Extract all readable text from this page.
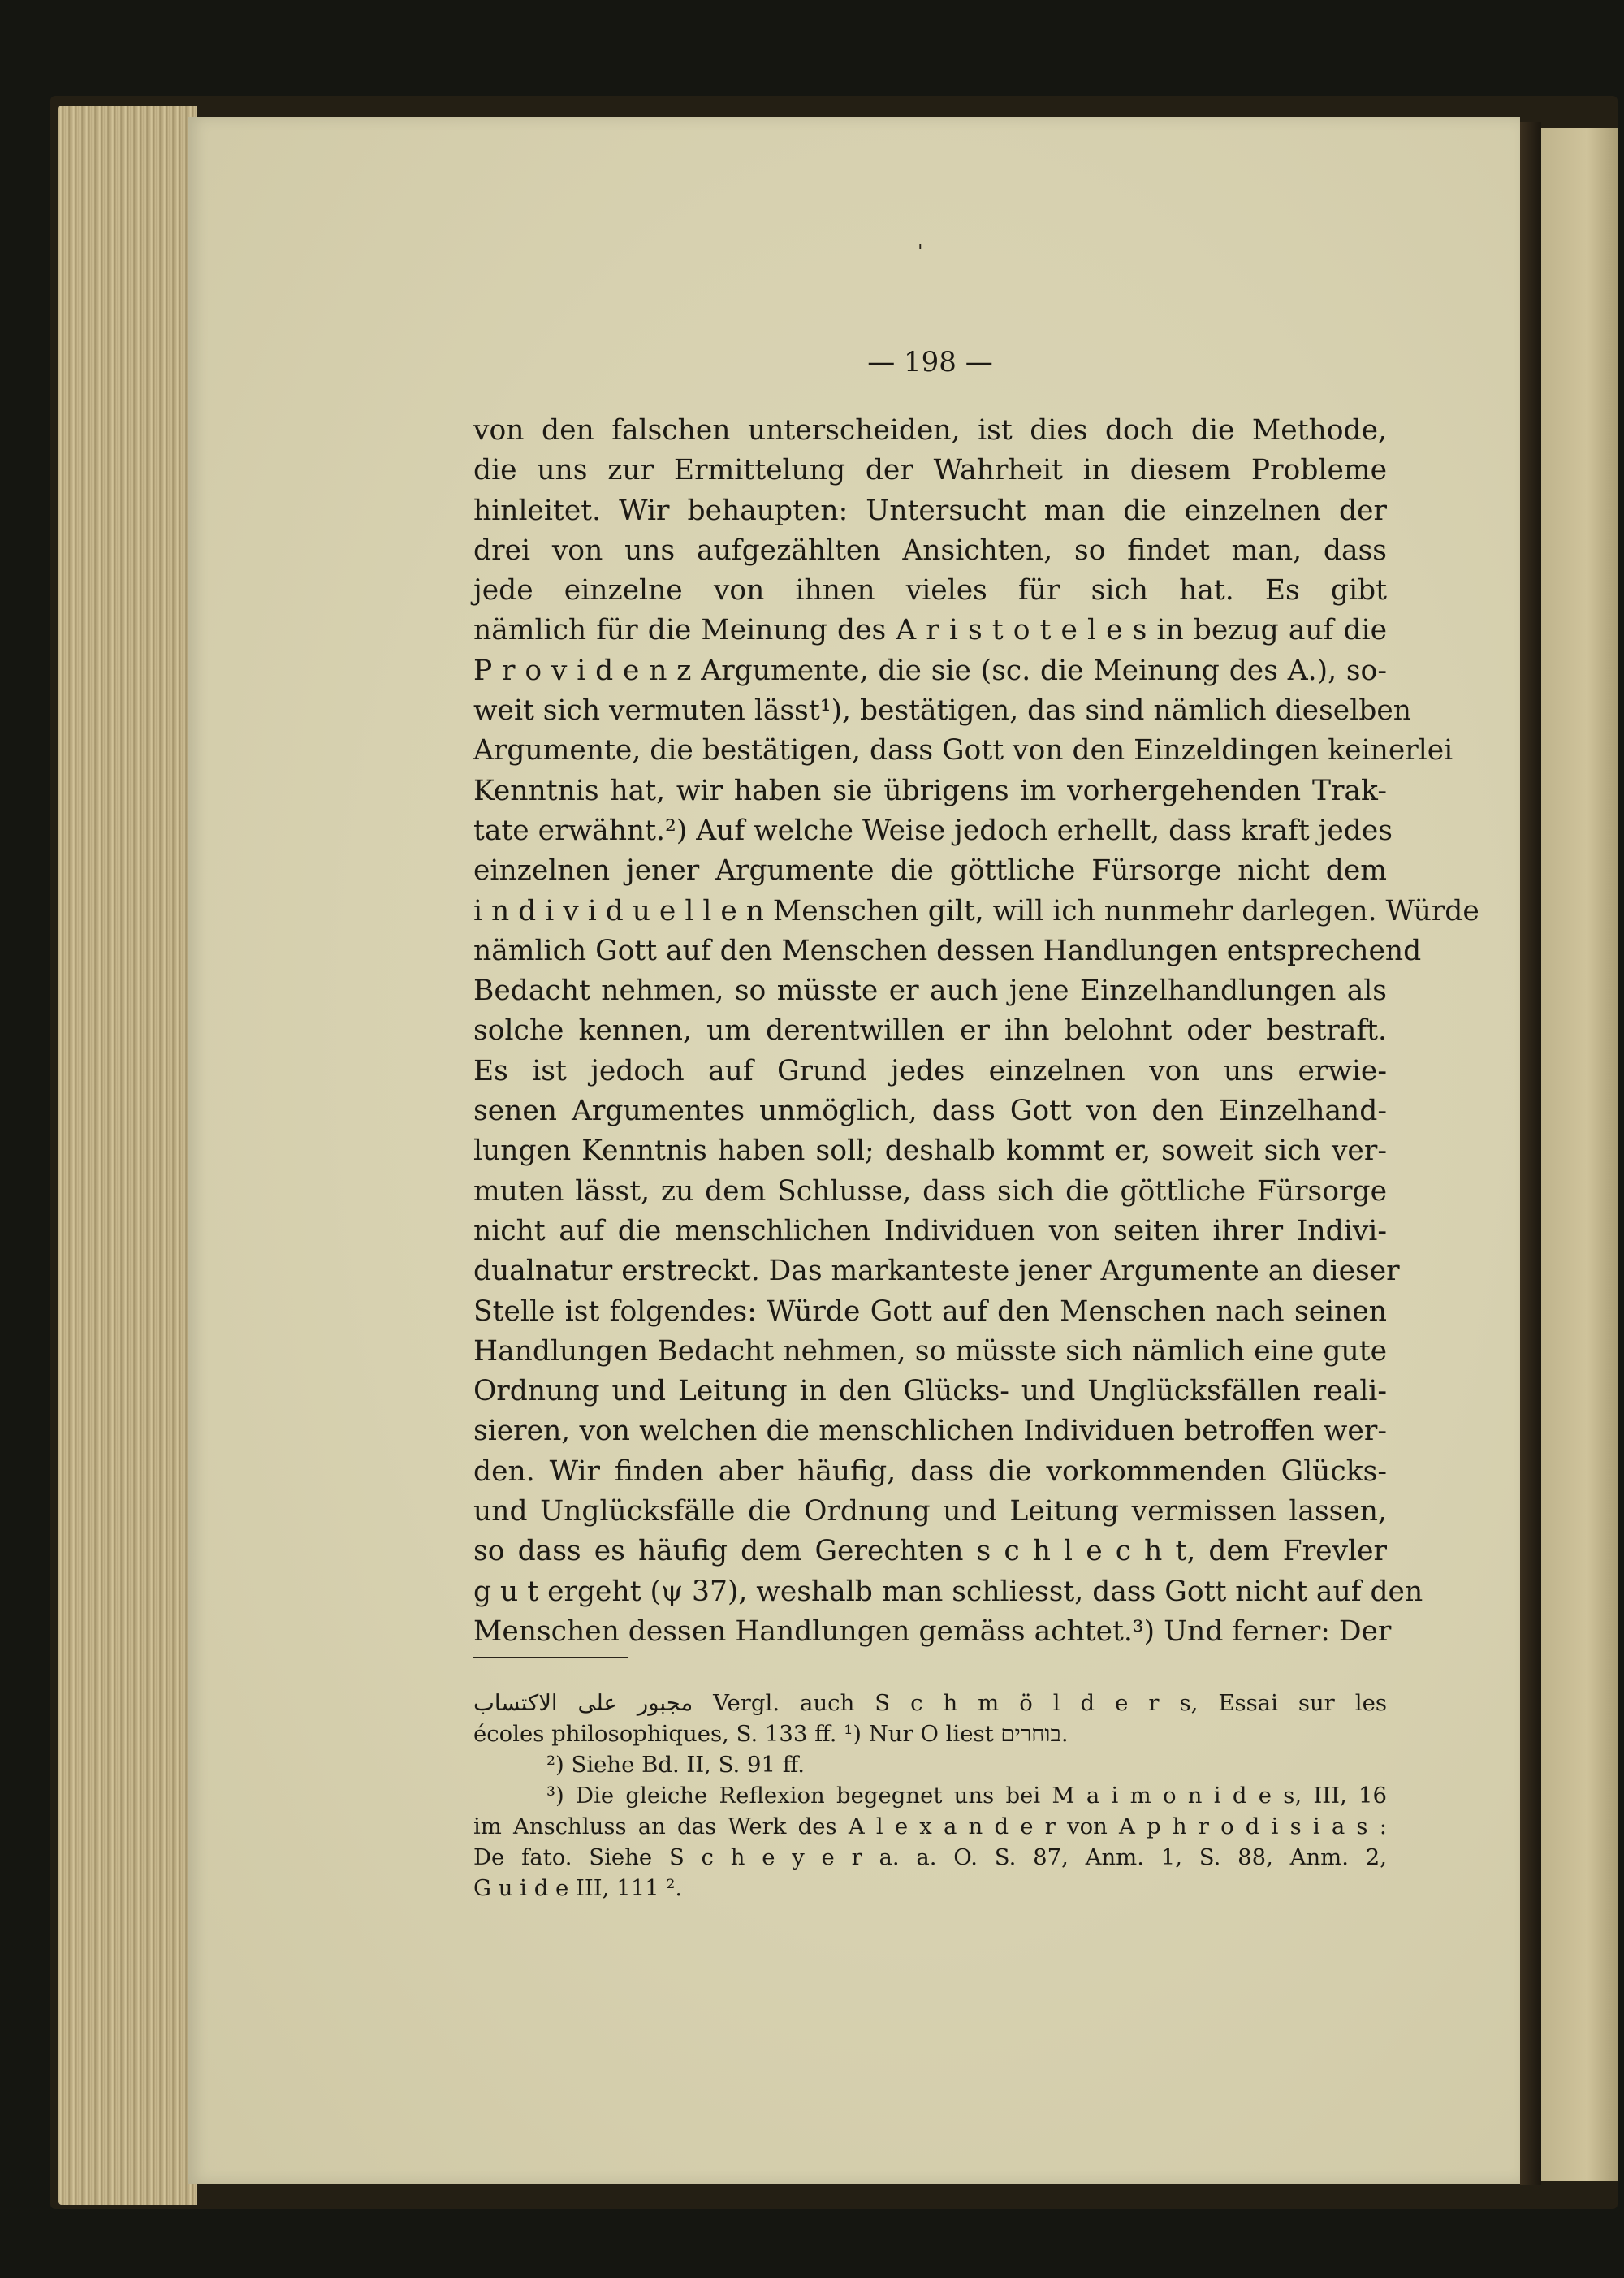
'
— 198 —
von den falschen unterscheiden, ist dies doch die Methode,
die uns zur Ermittelung der Wahrheit in diesem Probleme
hinleitet. Wir behaupten: Untersucht man die einzelnen der
drei von uns aufgezählten Ansichten, so findet man, dass
jede einzelne von ihnen vieles für sich hat. Es gibt
nämlich für die Meinung des A r i s t o t e l e s in bezug auf die
P r o v i d e n z Argumente, die sie (sc. die Meinung des A.), so-
weit sich vermuten lässt¹), bestätigen, das sind nämlich dieselben
Argumente, die bestätigen, dass Gott von den Einzeldingen keinerlei
Kenntnis hat, wir haben sie übrigens im vorhergehenden Trak-
tate erwähnt.²) Auf welche Weise jedoch erhellt, dass kraft jedes
einzelnen jener Argumente die göttliche Fürsorge nicht dem
i n d i v i d u e l l e n Menschen gilt, will ich nunmehr darlegen. Würde
nämlich Gott auf den Menschen dessen Handlungen entsprechend
Bedacht nehmen, so müsste er auch jene Einzelhandlungen als
solche kennen, um derentwillen er ihn belohnt oder bestraft.
Es ist jedoch auf Grund jedes einzelnen von uns erwie-
senen Argumentes unmöglich, dass Gott von den Einzelhand-
lungen Kenntnis haben soll; deshalb kommt er, soweit sich ver-
muten lässt, zu dem Schlusse, dass sich die göttliche Fürsorge
nicht auf die menschlichen Individuen von seiten ihrer Indivi-
dualnatur erstreckt. Das markanteste jener Argumente an dieser
Stelle ist folgendes: Würde Gott auf den Menschen nach seinen
Handlungen Bedacht nehmen, so müsste sich nämlich eine gute
Ordnung und Leitung in den Glücks- und Unglücksfällen reali-
sieren, von welchen die menschlichen Individuen betroffen wer-
den. Wir finden aber häufig, dass die vorkommenden Glücks-
und Unglücksfälle die Ordnung und Leitung vermissen lassen,
so dass es häufig dem Gerechten s c h l e c h t, dem Frevler
g u t ergeht (ψ 37), weshalb man schliesst, dass Gott nicht auf den
Menschen dessen Handlungen gemäss achtet.³) Und ferner: Der
مجبور على الاكتساب Vergl. auch S c h m ö l d e r s, Essai sur les
écoles philosophiques, S. 133 ff. ¹) Nur O liest בוחרים.
²) Siehe Bd. II, S. 91 ff.
³) Die gleiche Reflexion begegnet uns bei M a i m o n i d e s, III, 16
im Anschluss an das Werk des A l e x a n d e r von A p h r o d i s i a s :
De fato. Siehe S c h e y e r a. a. O. S. 87, Anm. 1, S. 88, Anm. 2,
G u i d e III, 111 ².
